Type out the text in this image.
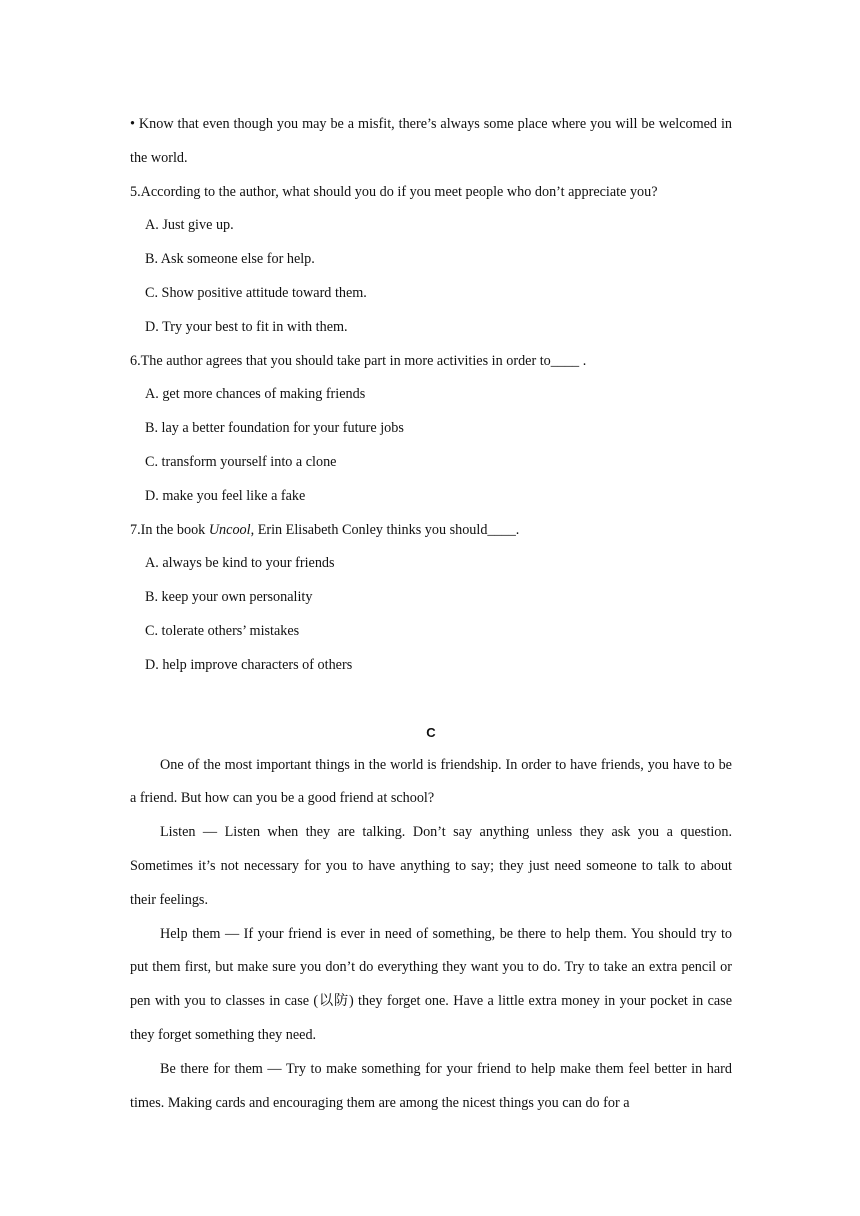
• Know that even though you may be a misfit, there’s always some place where you will be welcomed in the world.

5.According to the author, what should you do if you meet people who don’t appreciate you?

A. Just give up.

B. Ask someone else for help.

C. Show positive attitude toward them.

D. Try your best to fit in with them.

6.The author agrees that you should take part in more activities in order to____ .

A. get more chances of making friends

B. lay a better foundation for your future jobs

C. transform yourself into a clone

D. make you feel like a fake

7.In the book Uncool, Erin Elisabeth Conley thinks you should____.

A. always be kind to your friends

B. keep your own personality

C. tolerate others’ mistakes

D. help improve characters of others

C

One of the most important things in the world is friendship. In order to have friends, you have to be a friend. But how can you be a good friend at school?

Listen — Listen when they are talking. Don’t say anything unless they ask you a question. Sometimes it’s not necessary for you to have anything to say; they just need someone to talk to about their feelings.

Help them — If your friend is ever in need of something, be there to help them. You should try to put them first, but make sure you don’t do everything they want you to do. Try to take an extra pencil or pen with you to classes in case (以防) they forget one. Have a little extra money in your pocket in case they forget something they need.

Be there for them — Try to make something for your friend to help make them feel better in hard times. Making cards and encouraging them are among the nicest things you can do for a
